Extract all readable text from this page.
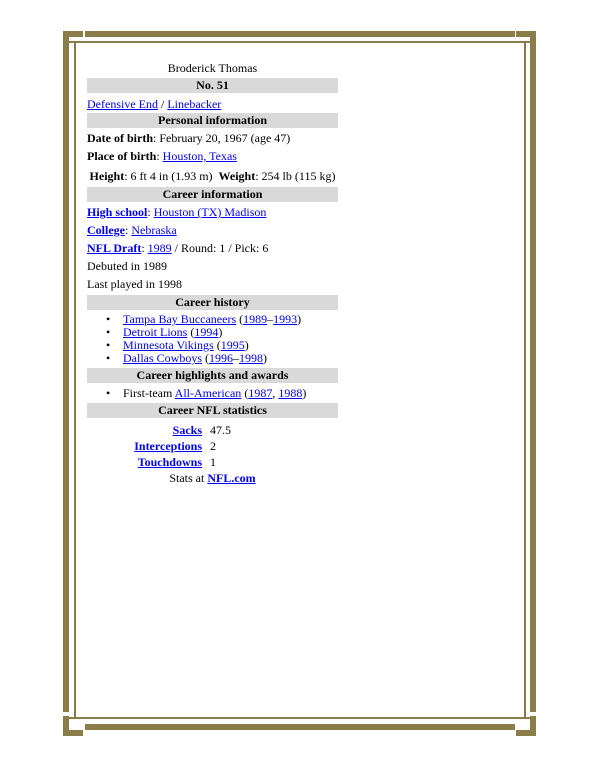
Broderick Thomas
No. 51
Defensive End / Linebacker
Personal information
Date of birth: February 20, 1967 (age 47)
Place of birth: Houston, Texas
Height: 6 ft 4 in (1.93 m) Weight: 254 lb (115 kg)
Career information
High school: Houston (TX) Madison
College: Nebraska
NFL Draft: 1989 / Round: 1 / Pick: 6
Debuted in 1989
Last played in 1998
Career history
• Tampa Bay Buccaneers (1989–1993)
• Detroit Lions (1994)
• Minnesota Vikings (1995)
• Dallas Cowboys (1996–1998)
Career highlights and awards
• First-team All-American (1987, 1988)
Career NFL statistics
Sacks	47.5
Interceptions	2
Touchdowns	1
Stats at NFL.com
